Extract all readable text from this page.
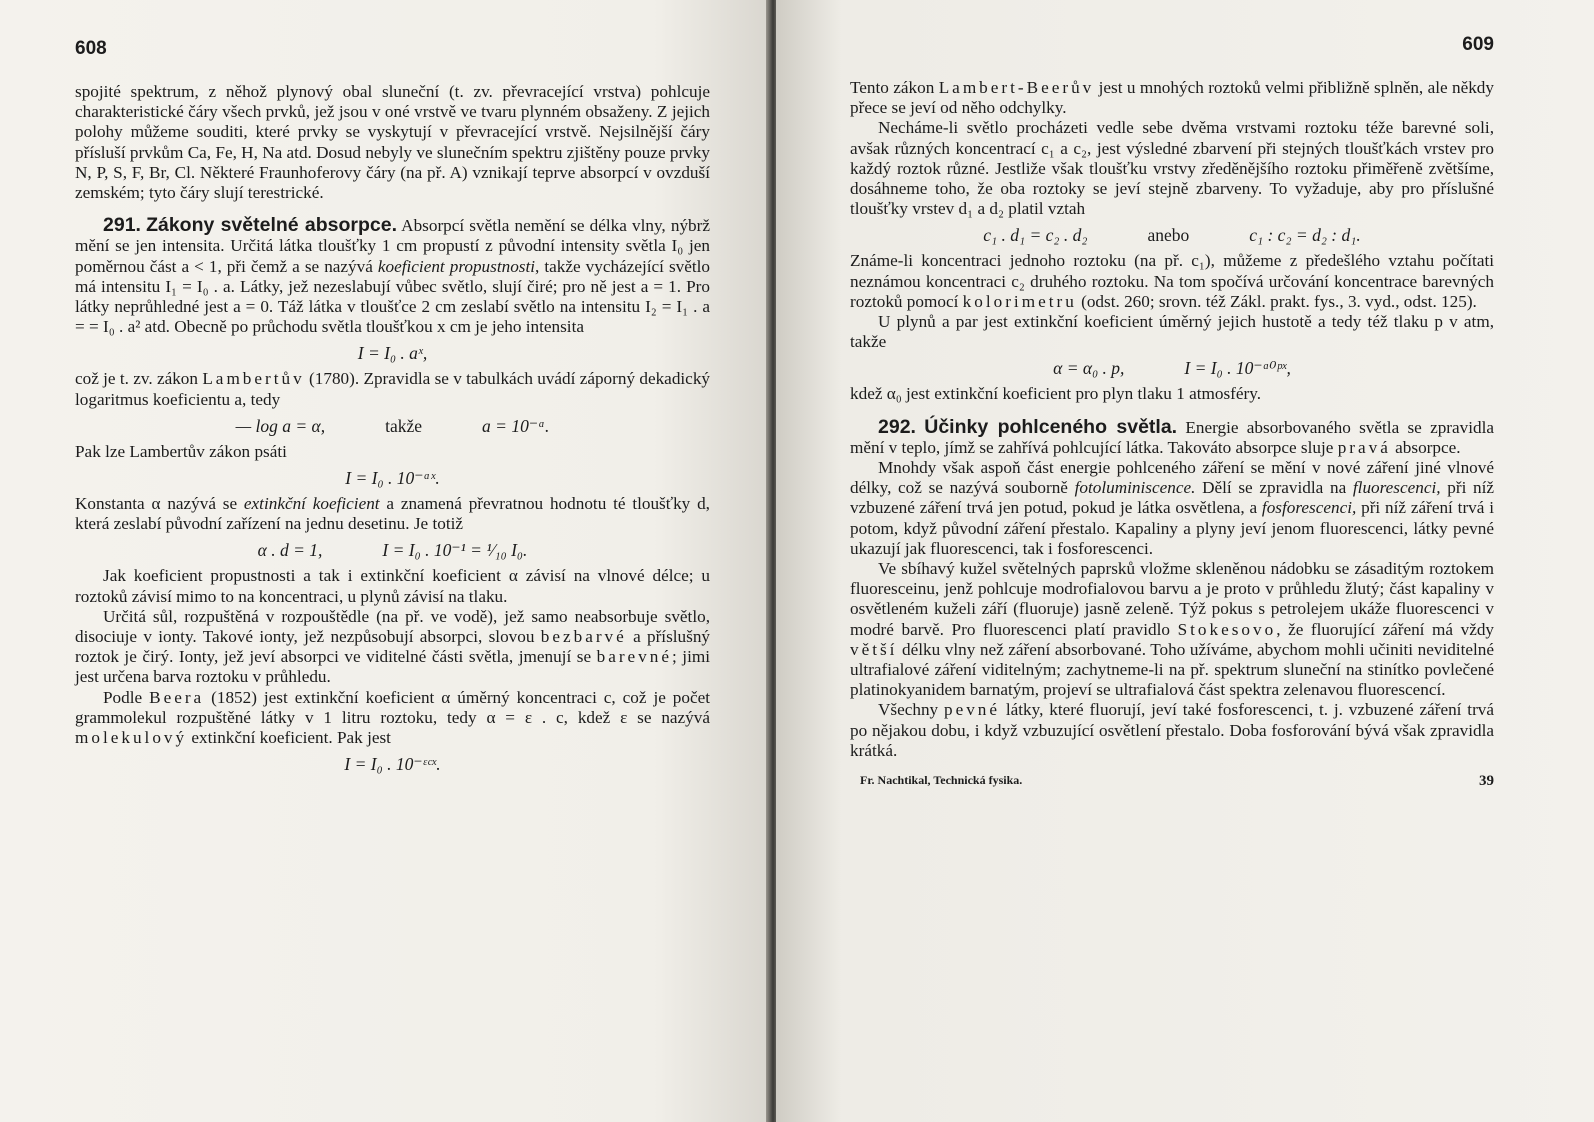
608

spojité spektrum, z něhož plynový obal sluneční (t. zv. převracející vrstva) pohlcuje charakteristické čáry všech prvků, jež jsou v oné vrstvě ve tvaru plynném obsaženy. Z jejich polohy můžeme souditi, které prvky se vyskytují v převracející vrstvě. Nejsilnější čáry přísluší prvkům Ca, Fe, H, Na atd. Dosud nebyly ve slunečním spektru zjištěny pouze prvky N, P, S, F, Br, Cl. Některé Fraunhoferovy čáry (na př. A) vznikají teprve absorpcí v ovzduší zemském; tyto čáry slují terestrické.

291. Zákony světelné absorpce. Absorpcí světla nemění se délka vlny, nýbrž mění se jen intensita. Určitá látka tloušťky 1 cm propustí z původní intensity světla I₀ jen poměrnou část a < 1, při čemž a se nazývá koeficient propustnosti, takže vycházející světlo má intensitu I₁ = I₀ . a. Látky, jež nezeslabují vůbec světlo, slují čiré; pro ně jest a = 1. Pro látky neprůhledné jest a = 0. Táž látka v tloušťce 2 cm zeslabí světlo na intensitu I₂ = I₁ . a = = I₀ . a² atd. Obecně po průchodu světla tloušťkou x cm je jeho intensita

I = I₀ . aˣ,

což je t. zv. zákon Lambertův (1780). Zpravidla se v tabulkách uvádí záporný dekadický logaritmus koeficientu a, tedy

— log a = α,	takže	a = 10⁻ᵅ.

Pak lze Lambertův zákon psáti

I = I₀ . 10⁻ᵅˣ.

Konstanta α nazývá se extinkční koeficient a znamená převratnou hodnotu té tloušťky d, která zeslabí původní zařízení na jednu desetinu. Je totiž

α . d = 1,	I = I₀ . 10⁻¹ = ¹⁄₁₀ I₀.

Jak koeficient propustnosti a tak i extinkční koeficient α závisí na vlnové délce; u roztoků závisí mimo to na koncentraci, u plynů závisí na tlaku.

Určitá sůl, rozpuštěná v rozpouštědle (na př. ve vodě), jež samo neabsorbuje světlo, disociuje v ionty. Takové ionty, jež nezpůsobují absorpci, slovou bezbarvé a příslušný roztok je čirý. Ionty, jež jeví absorpci ve viditelné části světla, jmenují se barevné; jimi jest určena barva roztoku v průhledu.

Podle Beera (1852) jest extinkční koeficient α úměrný koncentraci c, což je počet grammolekul rozpuštěné látky v 1 litru roztoku, tedy α = ε . c, kdež ε se nazývá molekulový extinkční koeficient. Pak jest

I = I₀ . 10⁻ᵋᶜˣ.
609

Tento zákon Lambert-Beerův jest u mnohých roztoků velmi přibližně splněn, ale někdy přece se jeví od něho odchylky.

Necháme-li světlo procházeti vedle sebe dvěma vrstvami roztoku téže barevné soli, avšak různých koncentrací c₁ a c₂, jest výsledné zbarvení při stejných tloušťkách vrstev pro každý roztok různé. Jestliže však tloušťku vrstvy zředěnějšího roztoku přiměřeně zvětšíme, dosáhneme toho, že oba roztoky se jeví stejně zbarveny. To vyžaduje, aby pro příslušné tloušťky vrstev d₁ a d₂ platil vztah

c₁ . d₁ = c₂ . d₂	anebo	c₁ : c₂ = d₂ : d₁.

Známe-li koncentraci jednoho roztoku (na př. c₁), můžeme z předešlého vztahu počítati neznámou koncentraci c₂ druhého roztoku. Na tom spočívá určování koncentrace barevných roztoků pomocí kolorimetru (odst. 260; srovn. též Zákl. prakt. fys., 3. vyd., odst. 125).

U plynů a par jest extinkční koeficient úměrný jejich hustotě a tedy též tlaku p v atm, takže

α = α₀ . p,	I = I₀ . 10⁻ᵅ⁰ᵖˣ,

kdež α₀ jest extinkční koeficient pro plyn tlaku 1 atmosféry.

292. Účinky pohlceného světla. Energie absorbovaného světla se zpravidla mění v teplo, jímž se zahřívá pohlcující látka. Takováto absorpce sluje pravá absorpce.

Mnohdy však aspoň část energie pohlceného záření se mění v nové záření jiné vlnové délky, což se nazývá souborně fotoluminiscence. Dělí se zpravidla na fluorescenci, při níž vzbuzené záření trvá jen potud, pokud je látka osvětlena, a fosforescenci, při níž záření trvá i potom, když původní záření přestalo. Kapaliny a plyny jeví jenom fluorescenci, látky pevné ukazují jak fluorescenci, tak i fosforescenci.

Ve sbíhavý kužel světelných paprsků vložme skleněnou nádobku se zásaditým roztokem fluoresceinu, jenž pohlcuje modrofialovou barvu a je proto v průhledu žlutý; část kapaliny v osvětleném kuželi září (fluoruje) jasně zeleně. Týž pokus s petrolejem ukáže fluorescenci v modré barvě. Pro fluorescenci platí pravidlo Stokesovo, že fluorující záření má vždy větší délku vlny než záření absorbované. Toho užíváme, abychom mohli učiniti neviditelné ultrafialové záření viditelným; zachytneme-li na př. spektrum sluneční na stinítko povlečené platinokyanidem barnatým, projeví se ultrafialová část spektra zelenavou fluorescencí.

Všechny pevné látky, které fluorují, jeví také fosforescenci, t. j. vzbuzené záření trvá po nějakou dobu, i když vzbuzující osvětlení přestalo. Doba fosforování bývá však zpravidla krátká.

Fr. Nachtikal, Technická fysika.	39
